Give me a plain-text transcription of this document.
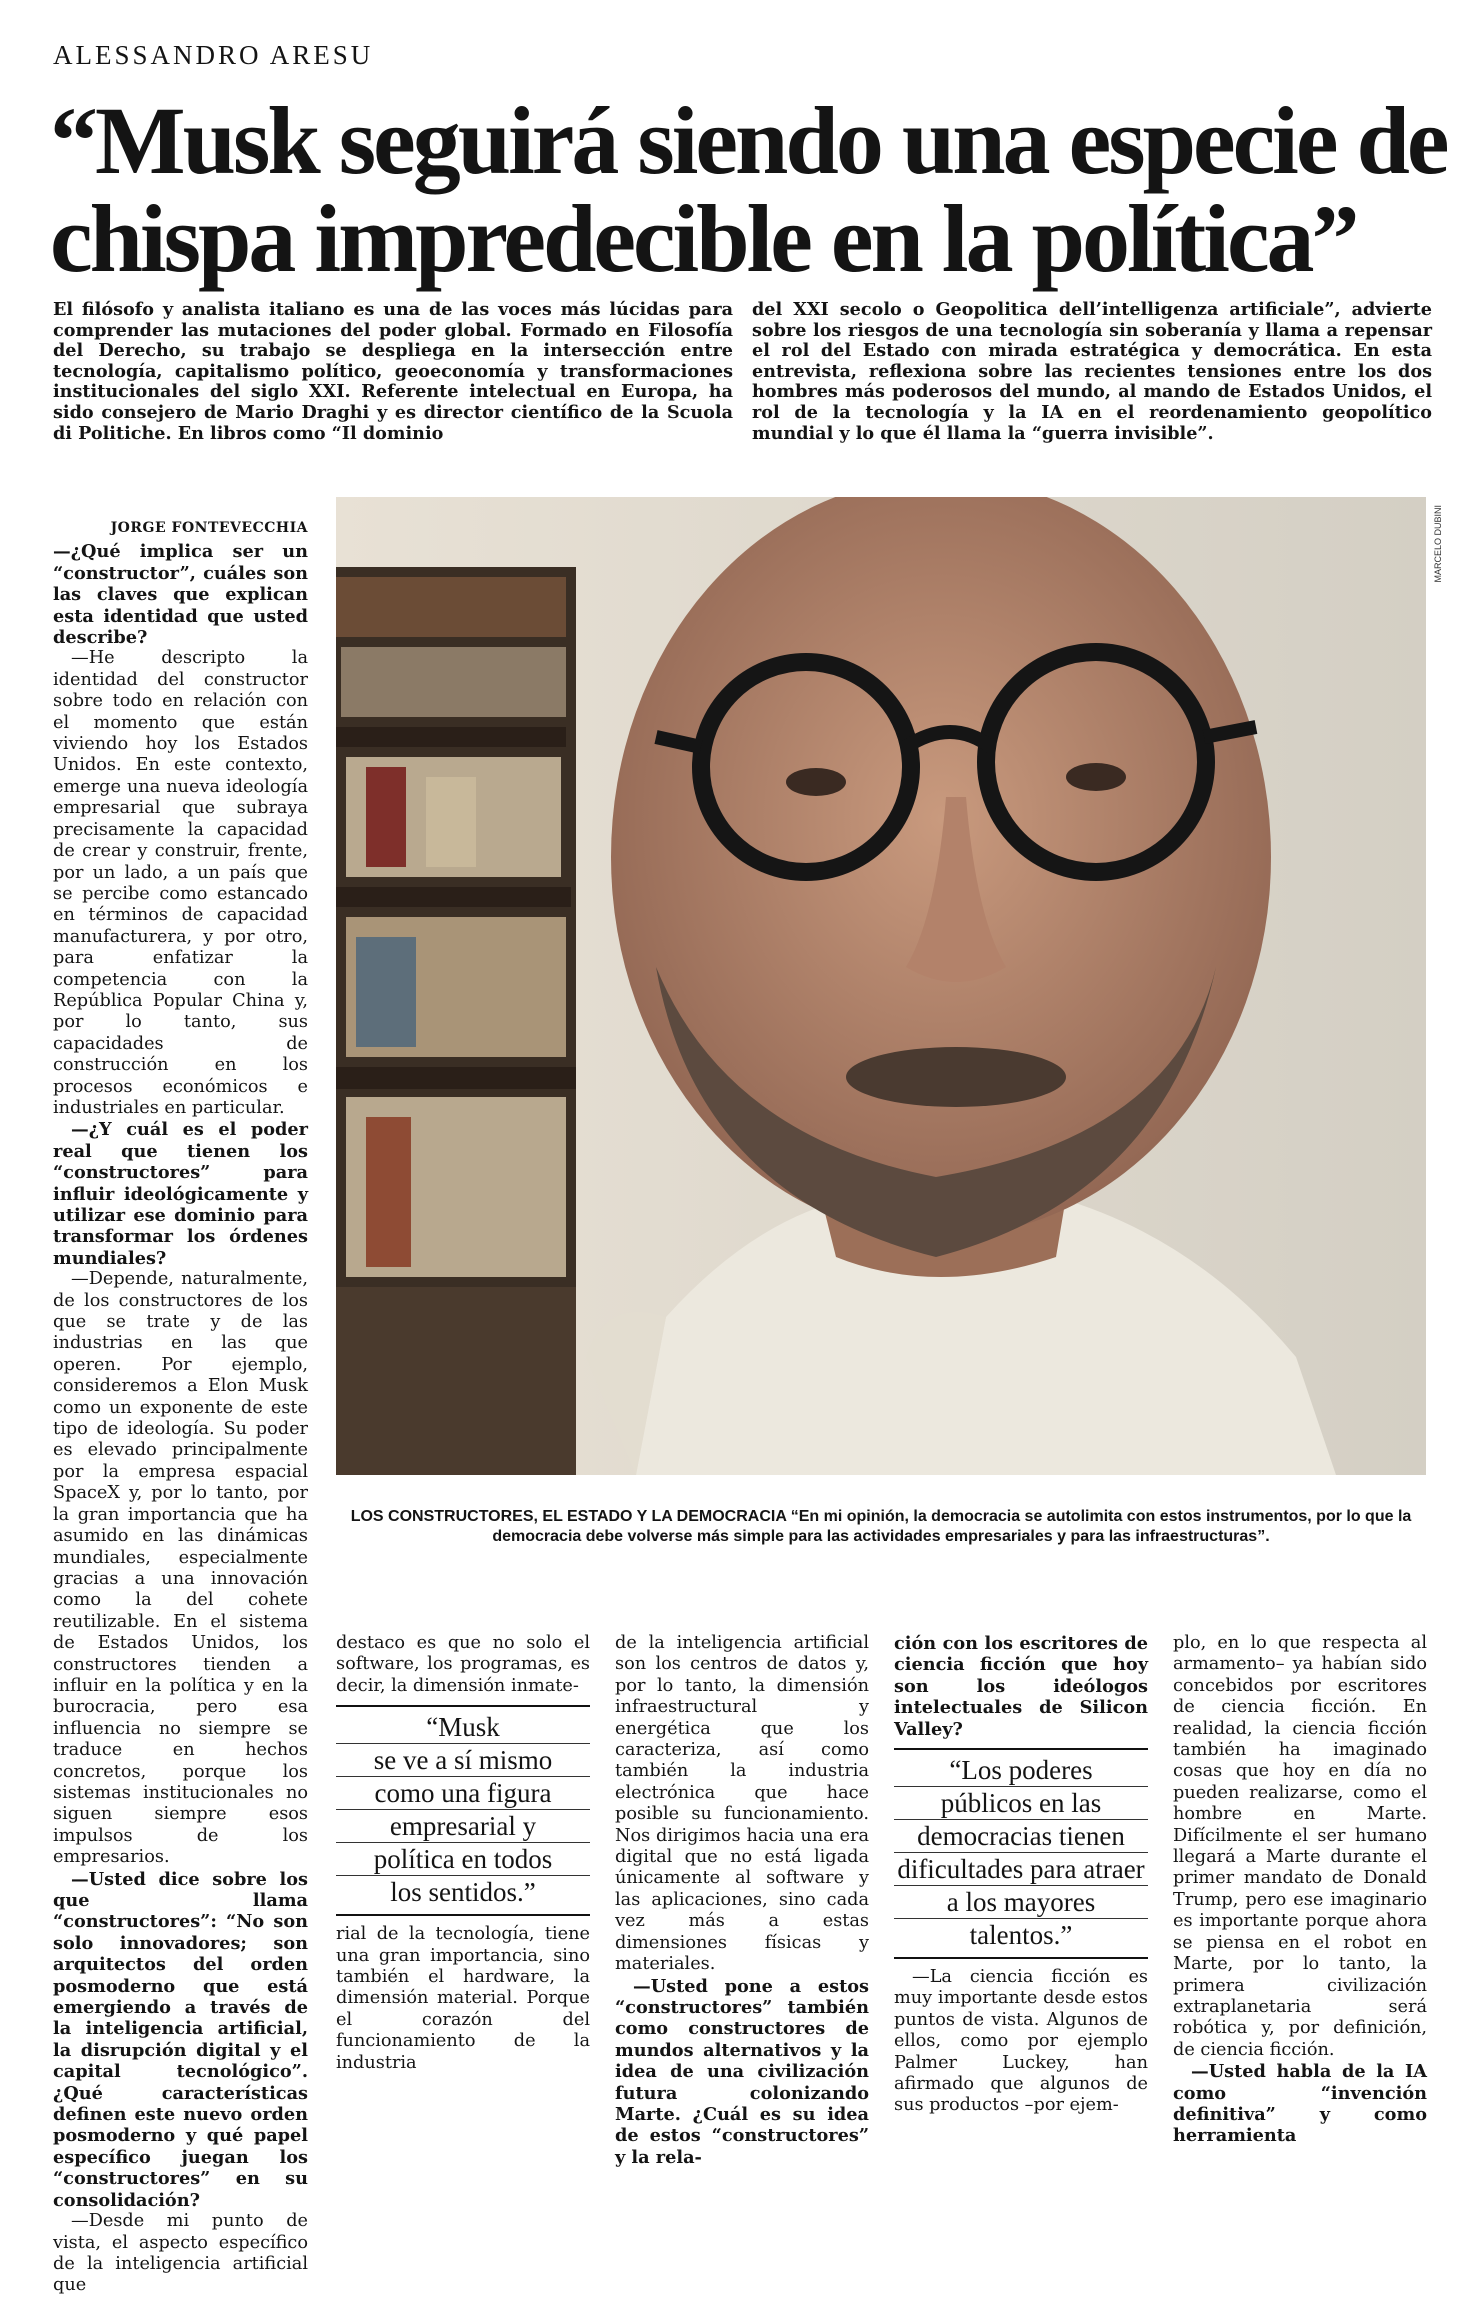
ALESSANDRO ARESU
“Musk seguirá siendo una especie de chispa impredecible en la política”

El filósofo y analista italiano es una de las voces más lúcidas para comprender las mutaciones del poder global. Formado en Filosofía del Derecho, su trabajo se despliega en la intersección entre tecnología, capitalismo político, geoeconomía y transformaciones institucionales del siglo XXI. Referente intelectual en Europa, ha sido consejero de Mario Draghi y es director científico de la Scuola di Politiche. En libros como “Il dominio

del XXI secolo o Geopolitica dell’intelligenza artificiale”, advierte sobre los riesgos de una tecnología sin soberanía y llama a repensar el rol del Estado con mirada estratégica y democrática. En esta entrevista, reflexiona sobre las recientes tensiones entre los dos hombres más poderosos del mundo, al mando de Estados Unidos, el rol de la tecnología y la IA en el reordenamiento geopolítico mundial y lo que él llama la “guerra invisible”.

JORGE FONTEVECCHIA

—¿Qué implica ser un “constructor”, cuáles son las claves que explican esta identidad que usted describe?

—He descripto la identidad del constructor sobre todo en relación con el momento que están viviendo hoy los Estados Unidos. En este contexto, emerge una nueva ideología empresarial que subraya precisamente la capacidad de crear y construir, frente, por un lado, a un país que se percibe como estancado en términos de capacidad manufacturera, y por otro, para enfatizar la competencia con la República Popular China y, por lo tanto, sus capacidades de construcción en los procesos económicos e industriales en particular.

—¿Y cuál es el poder real que tienen los “constructores” para influir ideológicamente y utilizar ese dominio para transformar los órdenes mundiales?

—Depende, naturalmente, de los constructores de los que se trate y de las industrias en las que operen. Por ejemplo, consideremos a Elon Musk como un exponente de este tipo de ideología. Su poder es elevado principalmente por la empresa espacial SpaceX y, por lo tanto, por la gran importancia que ha asumido en las dinámicas mundiales, especialmente gracias a una innovación como la del cohete reutilizable. En el sistema de Estados Unidos, los constructores tienden a influir en la política y en la burocracia, pero esa influencia no siempre se traduce en hechos concretos, porque los sistemas institucionales no siguen siempre esos impulsos de los empresarios.

—Usted dice sobre los que llama “constructores”: “No son solo innovadores; son arquitectos del orden posmoderno que está emergiendo a través de la inteligencia artificial, la disrupción digital y el capital tecnológico”. ¿Qué características definen este nuevo orden posmoderno y qué papel específico juegan los “constructores” en su consolidación?

—Desde mi punto de vista, el aspecto específico de la inteligencia artificial que

MARCELO DUBINI
LOS CONSTRUCTORES, EL ESTADO Y LA DEMOCRACIA “En mi opinión, la democracia se autolimita con estos instrumentos, por lo que la democracia debe volverse más simple para las actividades empresariales y para las infraestructuras”.

destaco es que no solo el software, los programas, es decir, la dimensión inmate-

“Musk
se ve a sí mismo
como una figura
empresarial y
política en todos
los sentidos.”

rial de la tecnología, tiene una gran importancia, sino también el hardware, la dimensión material. Porque el corazón del funcionamiento de la industria

de la inteligencia artificial son los centros de datos y, por lo tanto, la dimensión infraestructural y energética que los caracteriza, así como también la industria electrónica que hace posible su funcionamiento. Nos dirigimos hacia una era digital que no está ligada únicamente al software y las aplicaciones, sino cada vez más a estas dimensiones físicas y materiales.

—Usted pone a estos “constructores” también como constructores de mundos alternativos y la idea de una civilización futura colonizando Marte. ¿Cuál es su idea de estos “constructores” y la rela-

ción con los escritores de ciencia ficción que hoy son los ideólogos intelectuales de Silicon Valley?

“Los poderes
públicos en las
democracias tienen
dificultades para atraer
a los mayores
talentos.”

—La ciencia ficción es muy importante desde estos puntos de vista. Algunos de ellos, como por ejemplo Palmer Luckey, han afirmado que algunos de sus productos –por ejem-

plo, en lo que respecta al armamento– ya habían sido concebidos por escritores de ciencia ficción. En realidad, la ciencia ficción también ha imaginado cosas que hoy en día no pueden realizarse, como el hombre en Marte. Difícilmente el ser humano llegará a Marte durante el primer mandato de Donald Trump, pero ese imaginario es importante porque ahora se piensa en el robot en Marte, por lo tanto, la primera civilización extraplanetaria será robótica y, por definición, de ciencia ficción.

—Usted habla de la IA como “invención definitiva” y como herramienta
